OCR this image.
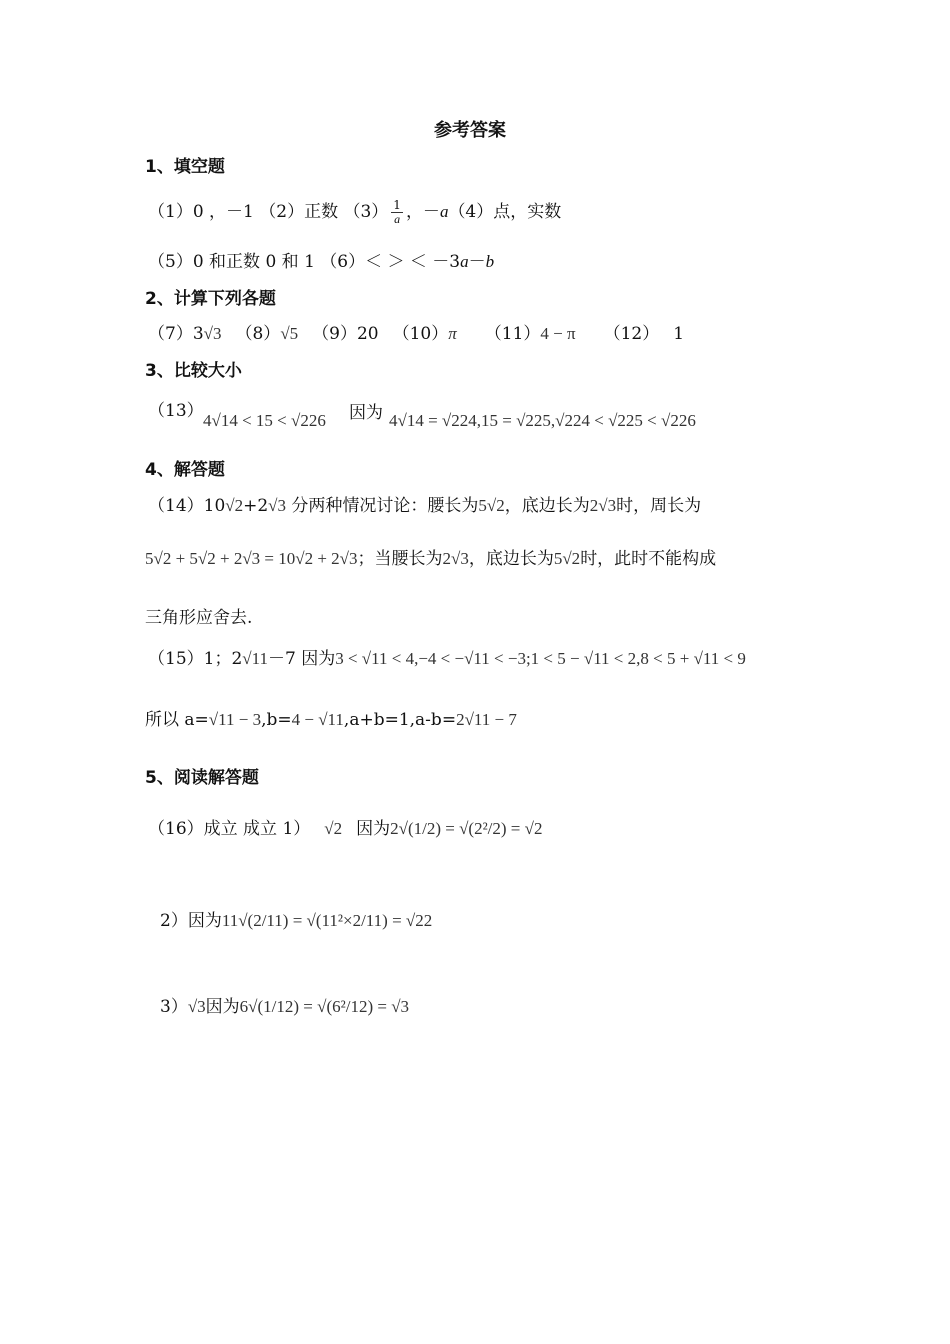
参考答案
1、填空题
（1）0 ，－1 （2）正数 $(3) \frac{1}{a}$ ，－a（4）点，实数
（5）0 和正数 0 和 1 （6）＜ ＞ ＜ －3a－b
2、计算下列各题
（7）3√3 （8）√5 （9）20 （10）π （11）4 − π （12） 1
3、比较大小
（13） 4√14 < 15 < √226 因为 4√14 = √224,15 = √225,√224 < √225 < √226
4、解答题
（14）10√2+2√3 分两种情况讨论：腰长为5√2，底边长为2√3时，周长为
5√2 + 5√2 + 2√3 = 10√2 + 2√3；当腰长为2√3，底边长为5√2时，此时不能构成
三角形应舍去.
（15）1；2√11－7 因为3 < √11 < 4,−4 < −√11 < −3;1 < 5 − √11 < 2,8 < 5 + √11 < 9
所以 a=√11 − 3,b=4 − √11,a+b=1,a-b=2√11 − 7
5、阅读解答题
（16）成立 成立 1） √2 因为2√(1/2) = √(2²/2) = √2
2）因为11√(2/11) = √(11²×2/11) = √22
3）√3因为6√(1/12) = √(6²/12) = √3
